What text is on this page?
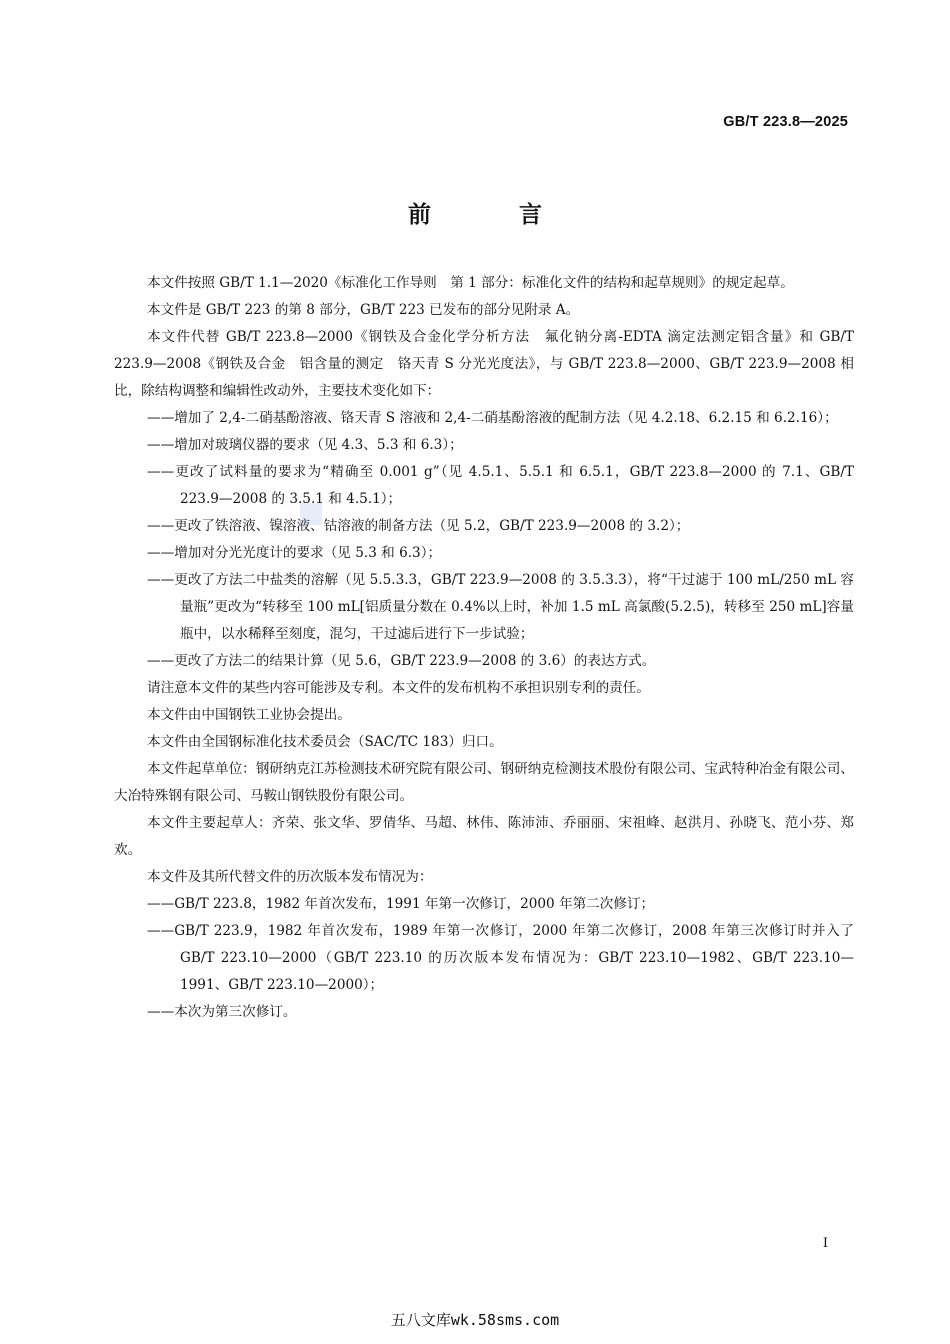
GB/T 223.8—2025
前 言

本文件按照 GB/T 1.1—2020《标准化工作导则　第 1 部分：标准化文件的结构和起草规则》的规定起草。

本文件是 GB/T 223 的第 8 部分，GB/T 223 已发布的部分见附录 A。

本文件代替 GB/T 223.8—2000《钢铁及合金化学分析方法　氟化钠分离-EDTA 滴定法测定铝含量》和 GB/T 223.9—2008《钢铁及合金　铝含量的测定　铬天青 S 分光光度法》，与 GB/T 223.8—2000、GB/T 223.9—2008 相比，除结构调整和编辑性改动外，主要技术变化如下：

——增加了 2,4-二硝基酚溶液、铬天青 S 溶液和 2,4-二硝基酚溶液的配制方法（见 4.2.18、6.2.15 和 6.2.16）；

——增加对玻璃仪器的要求（见 4.3、5.3 和 6.3）；

——更改了试料量的要求为“精确至 0.001 g”（见 4.5.1、5.5.1 和 6.5.1，GB/T 223.8—2000 的 7.1、GB/T 223.9—2008 的 3.5.1 和 4.5.1）；

——更改了铁溶液、镍溶液、钴溶液的制备方法（见 5.2，GB/T 223.9—2008 的 3.2）；

——增加对分光光度计的要求（见 5.3 和 6.3）；

——更改了方法二中盐类的溶解（见 5.5.3.3，GB/T 223.9—2008 的 3.5.3.3），将“干过滤于 100 mL/250 mL 容量瓶”更改为“转移至 100 mL[铝质量分数在 0.4%以上时，补加 1.5 mL 高氯酸(5.2.5)，转移至 250 mL]容量瓶中，以水稀释至刻度，混匀，干过滤后进行下一步试验；

——更改了方法二的结果计算（见 5.6，GB/T 223.9—2008 的 3.6）的表达方式。

请注意本文件的某些内容可能涉及专利。本文件的发布机构不承担识别专利的责任。

本文件由中国钢铁工业协会提出。

本文件由全国钢标准化技术委员会（SAC/TC 183）归口。

本文件起草单位：钢研纳克江苏检测技术研究院有限公司、钢研纳克检测技术股份有限公司、宝武特种冶金有限公司、大冶特殊钢有限公司、马鞍山钢铁股份有限公司。

本文件主要起草人：齐荣、张文华、罗倩华、马超、林伟、陈沛沛、乔丽丽、宋祖峰、赵洪月、孙晓飞、范小芬、郑欢。

本文件及其所代替文件的历次版本发布情况为：

——GB/T 223.8，1982 年首次发布，1991 年第一次修订，2000 年第二次修订；

——GB/T 223.9，1982 年首次发布，1989 年第一次修订，2000 年第二次修订，2008 年第三次修订时并入了 GB/T 223.10—2000（GB/T 223.10 的历次版本发布情况为：GB/T 223.10—1982、GB/T 223.10—1991、GB/T 223.10—2000）；

——本次为第三次修订。

I
五八文库wk.58sms.com
